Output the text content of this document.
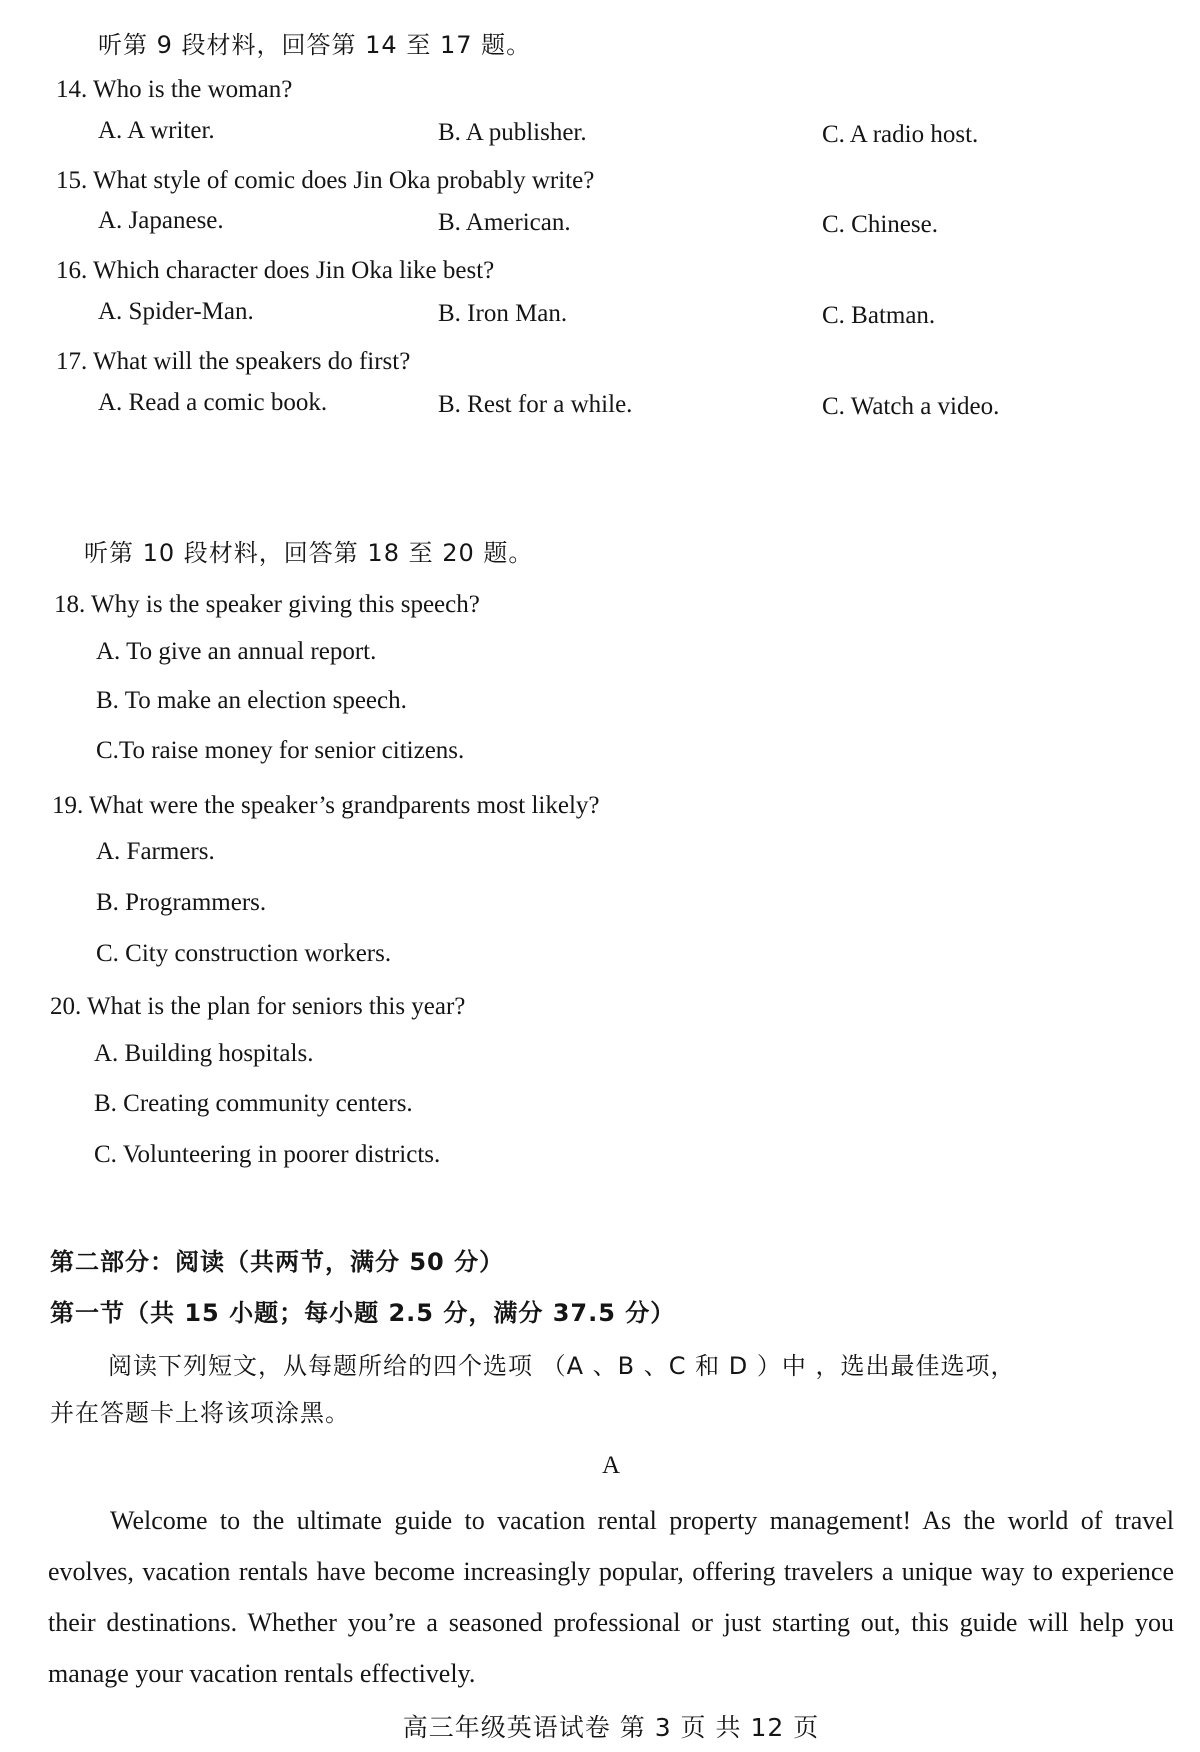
听第 9 段材料，回答第 14 至 17 题。
14. Who is the woman?
A. A writer.	B. A publisher.	C. A radio host.
15. What style of comic does Jin Oka probably write?
A. Japanese.	B. American.	C. Chinese.
16. Which character does Jin Oka like best?
A. Spider-Man.	B. Iron Man.	C. Batman.
17. What will the speakers do first?
A. Read a comic book.	B. Rest for a while.	C. Watch a video.
听第 10 段材料，回答第 18 至 20 题。
18. Why is the speaker giving this speech?
A. To give an annual report.
B. To make an election speech.
C.To raise money for senior citizens.
19. What were the speaker’s grandparents most likely?
A. Farmers.
B. Programmers.
C. City construction workers.
20. What is the plan for seniors this year?
A. Building hospitals.
B. Creating community centers.
C. Volunteering in poorer districts.
第二部分：阅读（共两节，满分 50 分）
第一节（共 15 小题；每小题 2.5 分，满分 37.5 分）
阅读下列短文，从每题所给的四个选项 （A 、B 、C 和 D ）中 ，选出最佳选项，
并在答题卡上将该项涂黑。
A
Welcome to the ultimate guide to vacation rental property management! As the world of travel evolves, vacation rentals have become increasingly popular, offering travelers a unique way to experience their destinations. Whether you’re a seasoned professional or just starting out, this guide will help you manage your vacation rentals effectively.
高三年级英语试卷 第 3 页 共 12 页
